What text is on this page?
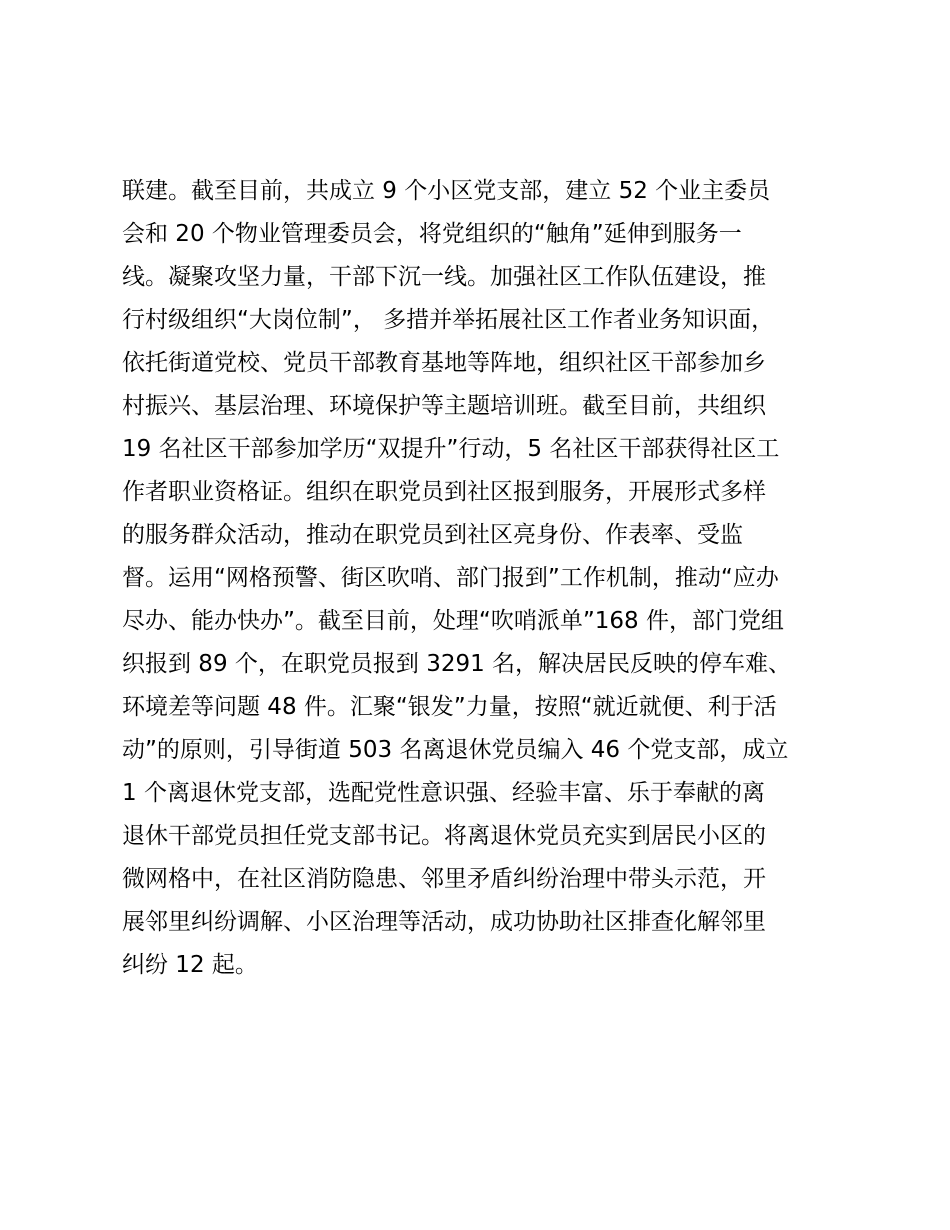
联建。截至目前，共成立 9 个小区党支部，建立 52 个业主委员
会和 20 个物业管理委员会，将党组织的“触角”延伸到服务一
线。凝聚攻坚力量，干部下沉一线。加强社区工作队伍建设，推
行村级组织“大岗位制”， 多措并举拓展社区工作者业务知识面，
依托街道党校、党员干部教育基地等阵地，组织社区干部参加乡
村振兴、基层治理、环境保护等主题培训班。截至目前，共组织
19 名社区干部参加学历“双提升”行动，5 名社区干部获得社区工
作者职业资格证。组织在职党员到社区报到服务，开展形式多样
的服务群众活动，推动在职党员到社区亮身份、作表率、受监
督。运用“网格预警、街区吹哨、部门报到”工作机制，推动“应办
尽办、能办快办”。截至目前，处理“吹哨派单”168 件，部门党组
织报到 89 个，在职党员报到 3291 名，解决居民反映的停车难、
环境差等问题 48 件。汇聚“银发”力量，按照“就近就便、利于活
动”的原则，引导街道 503 名离退休党员编入 46 个党支部，成立
1 个离退休党支部，选配党性意识强、经验丰富、乐于奉献的离
退休干部党员担任党支部书记。将离退休党员充实到居民小区的
微网格中，在社区消防隐患、邻里矛盾纠纷治理中带头示范，开
展邻里纠纷调解、小区治理等活动，成功协助社区排查化解邻里
纠纷 12 起。
